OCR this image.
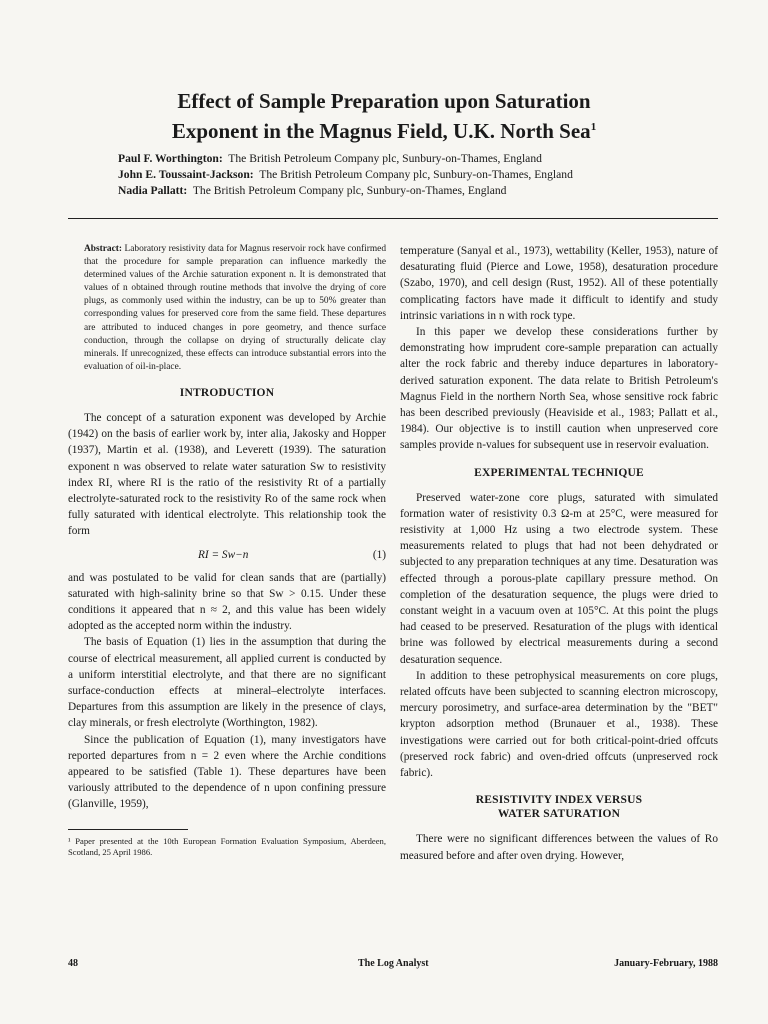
Effect of Sample Preparation upon Saturation
Exponent in the Magnus Field, U.K. North Sea$^1$
Paul F. Worthington: The British Petroleum Company plc, Sunbury-on-Thames, England
John E. Toussaint-Jackson: The British Petroleum Company plc, Sunbury-on-Thames, England
Nadia Pallatt: The British Petroleum Company plc, Sunbury-on-Thames, England

Abstract: Laboratory resistivity data for Magnus reservoir rock have confirmed that the procedure for sample preparation can influence markedly the determined values of the Archie saturation exponent n. It is demonstrated that values of n obtained through routine methods that involve the drying of core plugs, as commonly used within the industry, can be up to 50% greater than corresponding values for preserved core from the same field. These departures are attributed to induced changes in pore geometry, and thence surface conduction, through the collapse on drying of structurally delicate clay minerals. If unrecognized, these effects can introduce substantial errors into the evaluation of oil-in-place.

INTRODUCTION

The concept of a saturation exponent was developed by Archie (1942) on the basis of earlier work by, inter alia, Jakosky and Hopper (1937), Martin et al. (1938), and Leverett (1939). The saturation exponent n was observed to relate water saturation Sw to resistivity index RI, where RI is the ratio of the resistivity Rt of a partially electrolyte-saturated rock to the resistivity Ro of the same rock when fully saturated with identical electrolyte. This relationship took the form

RI = Sw−n	(1)

and was postulated to be valid for clean sands that are (partially) saturated with high-salinity brine so that Sw > 0.15. Under these conditions it appeared that n ≈ 2, and this value has been widely adopted as the accepted norm within the industry.

The basis of Equation (1) lies in the assumption that during the course of electrical measurement, all applied current is conducted by a uniform interstitial electrolyte, and that there are no significant surface-conduction effects at mineral–electrolyte interfaces. Departures from this assumption are likely in the presence of clays, clay minerals, or fresh electrolyte (Worthington, 1982).

Since the publication of Equation (1), many investigators have reported departures from n = 2 even where the Archie conditions appeared to be satisfied (Table 1). These departures have been variously attributed to the dependence of n upon confining pressure (Glanville, 1959),

¹ Paper presented at the 10th European Formation Evaluation Symposium, Aberdeen, Scotland, 25 April 1986.

temperature (Sanyal et al., 1973), wettability (Keller, 1953), nature of desaturating fluid (Pierce and Lowe, 1958), desaturation procedure (Szabo, 1970), and cell design (Rust, 1952). All of these potentially complicating factors have made it difficult to identify and study intrinsic variations in n with rock type.

In this paper we develop these considerations further by demonstrating how imprudent core-sample preparation can actually alter the rock fabric and thereby induce departures in laboratory-derived saturation exponent. The data relate to British Petroleum's Magnus Field in the northern North Sea, whose sensitive rock fabric has been described previously (Heaviside et al., 1983; Pallatt et al., 1984). Our objective is to instill caution when unpreserved core samples provide n-values for subsequent use in reservoir evaluation.

EXPERIMENTAL TECHNIQUE

Preserved water-zone core plugs, saturated with simulated formation water of resistivity 0.3 Ω-m at 25°C, were measured for resistivity at 1,000 Hz using a two electrode system. These measurements related to plugs that had not been dehydrated or subjected to any preparation techniques at any time. Desaturation was effected through a porous-plate capillary pressure method. On completion of the desaturation sequence, the plugs were dried to constant weight in a vacuum oven at 105°C. At this point the plugs had ceased to be preserved. Resaturation of the plugs with identical brine was followed by electrical measurements during a second desaturation sequence.

In addition to these petrophysical measurements on core plugs, related offcuts have been subjected to scanning electron microscopy, mercury porosimetry, and surface-area determination by the "BET" krypton adsorption method (Brunauer et al., 1938). These investigations were carried out for both critical-point-dried offcuts (preserved rock fabric) and oven-dried offcuts (unpreserved rock fabric).

RESISTIVITY INDEX VERSUS
WATER SATURATION

There were no significant differences between the values of Ro measured before and after oven drying. However,

48	The Log Analyst	January-February, 1988
